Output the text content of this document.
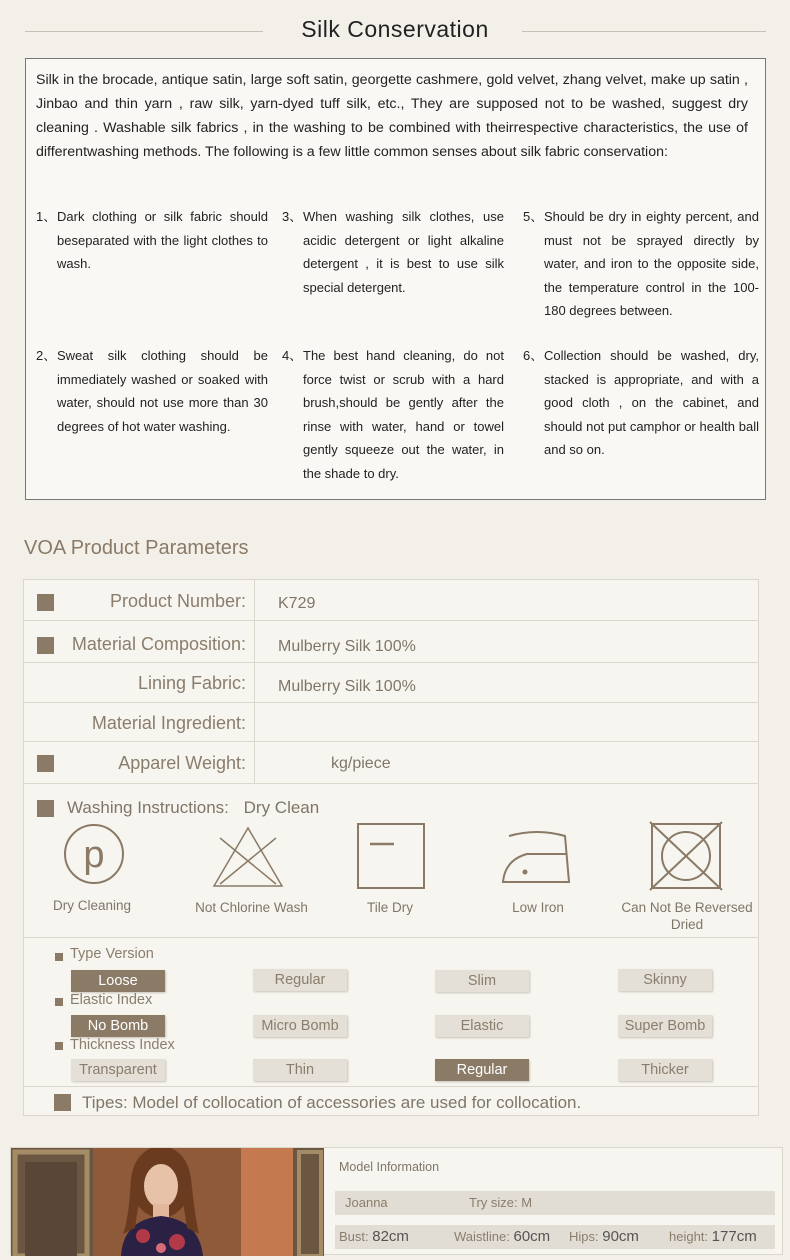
Silk Conservation

Silk in the brocade, antique satin, large soft satin, georgette cashmere, gold velvet, zhang velvet, make up satin , Jinbao and thin yarn , raw silk, yarn-dyed tuff silk, etc., They are supposed not to be washed, suggest dry cleaning . Washable silk fabrics , in the washing to be combined with theirrespective characteristics, the use of differentwashing methods. The following is a few little common senses about silk fabric conservation:

1、 Dark clothing or silk fabric should beseparated with the light clothes to wash.
2、 Sweat silk clothing should be immediately washed or soaked with water, should not use more than 30 degrees of hot water washing.
3、 When washing silk clothes, use acidic detergent or light alkaline detergent , it is best to use silk special detergent.
4、 The best hand cleaning, do not force twist or scrub with a hard brush,should be gently after the rinse with water, hand or towel gently squeeze out the water, in the shade to dry.
5、 Should be dry in eighty percent, and must not be sprayed directly by water, and iron to the opposite side, the temperature control in the 100-180 degrees between.
6、 Collection should be washed, dry, stacked is appropriate, and with a good cloth , on the cabinet, and should not put camphor or health ball and so on.
VOA Product Parameters
Product Number: K729
Material Composition: Mulberry Silk 100%
Lining Fabric: Mulberry Silk 100%
Material Ingredient:
Apparel Weight:	kg/piece
Washing Instructions: Dry Clean
p
Dry Cleaning	Not Chlorine Wash	Tile Dry	Low Iron	Can Not Be Reversed Dried
Type Version
Loose	Regular	Slim	Skinny
Elastic Index
No Bomb	Micro Bomb	Elastic	Super Bomb
Thickness Index
Transparent	Thin	Regular	Thicker
Tipes: Model of collocation of accessories are used for collocation.
Model Information
Joanna	Try size: M
Bust: 82cm	Waistline: 60cm Hips: 90cm height: 177cm
